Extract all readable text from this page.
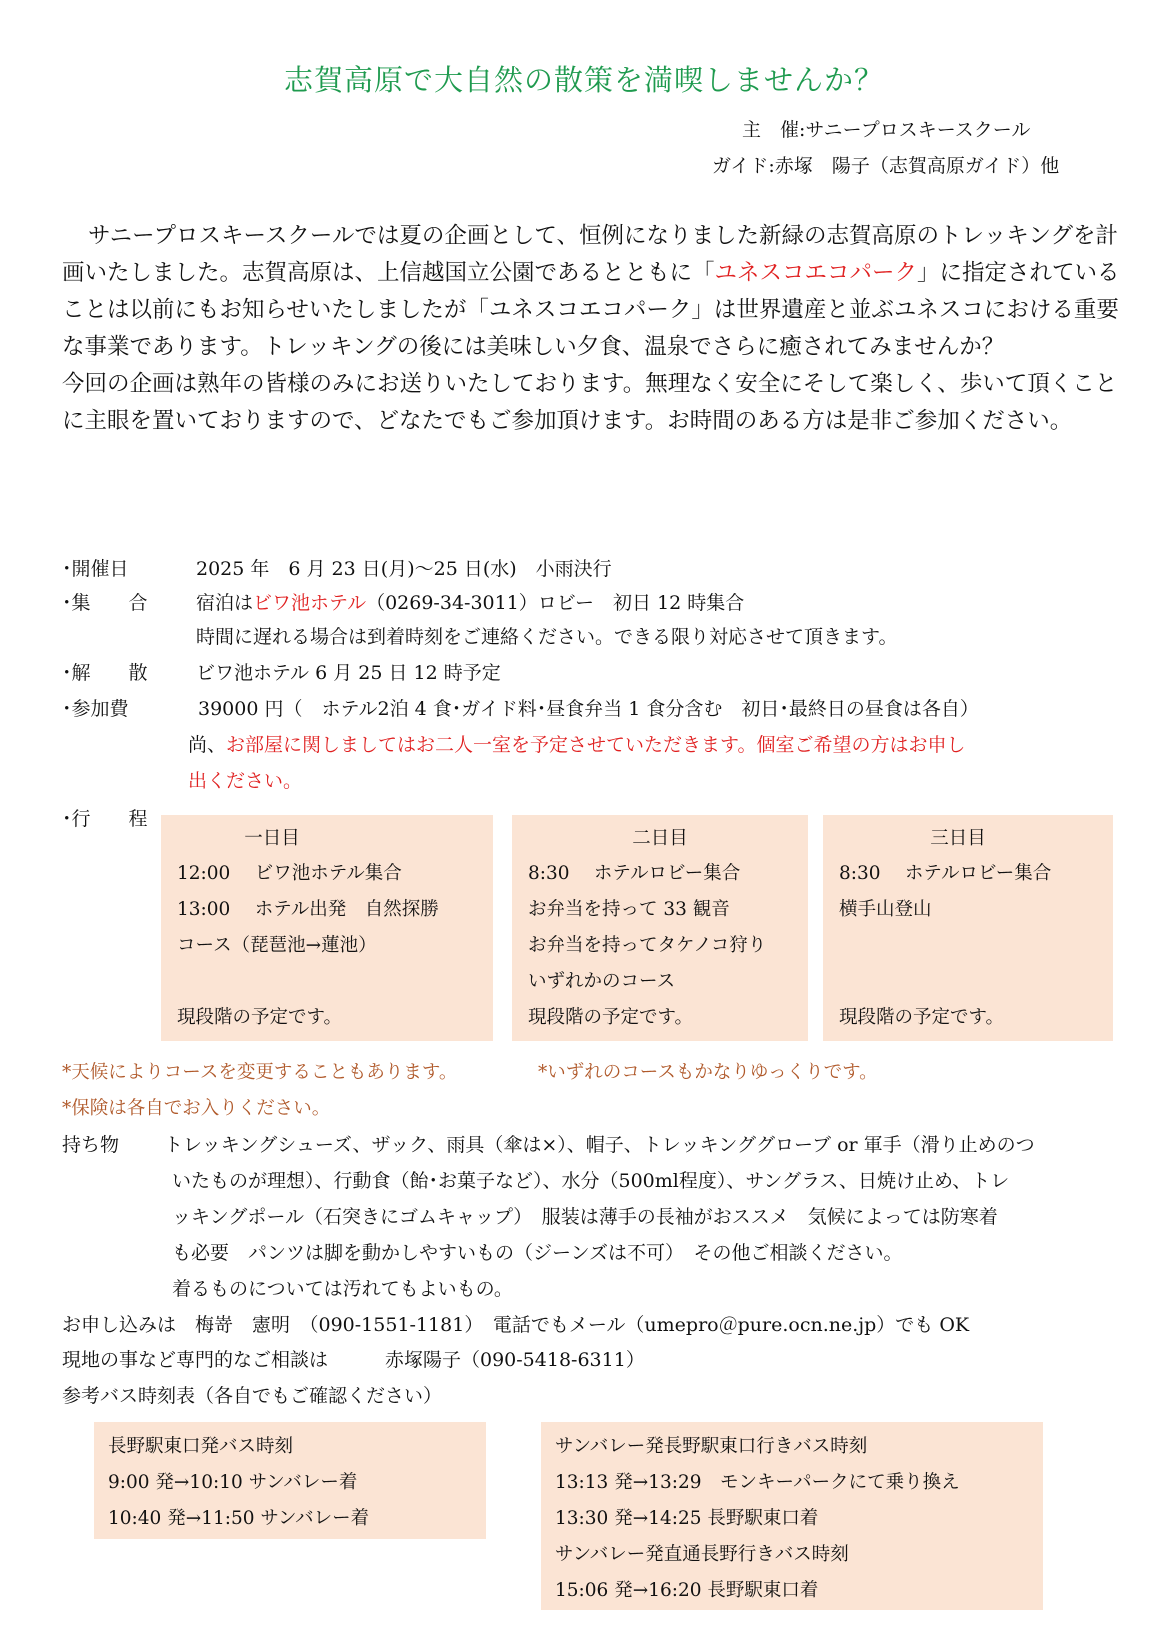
志賀高原で大自然の散策を満喫しませんか？
主　催:サニープロスキースクール
ガイド:赤塚　陽子（志賀高原ガイド）他

サニープロスキースクールでは夏の企画として、恒例になりました新緑の志賀高原のトレッキングを計画いたしました。志賀高原は、上信越国立公園であるとともに「ユネスコエコパーク」に指定されていることは以前にもお知らせいたしましたが「ユネスコエコパーク」は世界遺産と並ぶユネスコにおける重要な事業であります。トレッキングの後には美味しい夕食、温泉でさらに癒されてみませんか？

今回の企画は熟年の皆様のみにお送りいたしております。無理なく安全にそして楽しく、歩いて頂くことに主眼を置いておりますので、どなたでもご参加頂けます。お時間のある方は是非ご参加ください。

･開催日	2025 年　6 月 23 日(月)～25 日(水)　小雨決行
･集　　合	宿泊はビワ池ホテル（0269-34-3011）ロビー　初日 12 時集合
時間に遅れる場合は到着時刻をご連絡ください。できる限り対応させて頂きます。
･解　　散	ビワ池ホテル 6 月 25 日 12 時予定
･参加費	39000 円（　ホテル2泊 4 食･ガイド料･昼食弁当 1 食分含む　初日･最終日の昼食は各自）
尚、お部屋に関しましてはお二人一室を予定させていただきます。個室ご希望の方はお申し
出ください。
･行　　程
一日目
12:00　 ビワ池ホテル集合
13:00　 ホテル出発　自然探勝
コース（琵琶池→蓮池）
現段階の予定です。
二日目
8:30　 ホテルロビー集合
お弁当を持って 33 観音
お弁当を持ってタケノコ狩り
いずれかのコース
現段階の予定です。
三日目
8:30　 ホテルロビー集合
横手山登山
現段階の予定です。
*天候によりコースを変更することもあります。	*いずれのコースもかなりゆっくりです。
*保険は各自でお入りください。
持ち物 トレッキングシューズ、ザック、雨具（傘は×）、帽子、トレッキンググローブ or 軍手（滑り止めのつ
いたものが理想）、行動食（飴･お菓子など）、水分（500ml程度）、サングラス、日焼け止め、トレ
ッキングポール（石突きにゴムキャップ）　服装は薄手の長袖がおススメ　気候によっては防寒着
も必要　パンツは脚を動かしやすいもの（ジーンズは不可）　その他ご相談ください。
着るものについては汚れてもよいもの。
お申し込みは　梅嵜　憲明　（090-1551-1181）　電話でもメール（umepro＠pure.ocn.ne.jp）でも OK
現地の事など専門的なご相談は　　　赤塚陽子（090-5418-6311）
参考バス時刻表（各自でもご確認ください）
長野駅東口発バス時刻
9:00 発→10:10 サンバレー着
10:40 発→11:50 サンバレー着
サンバレー発長野駅東口行きバス時刻
13:13 発→13:29　モンキーパークにて乗り換え
13:30 発→14:25 長野駅東口着
サンバレー発直通長野行きバス時刻
15:06 発→16:20 長野駅東口着
